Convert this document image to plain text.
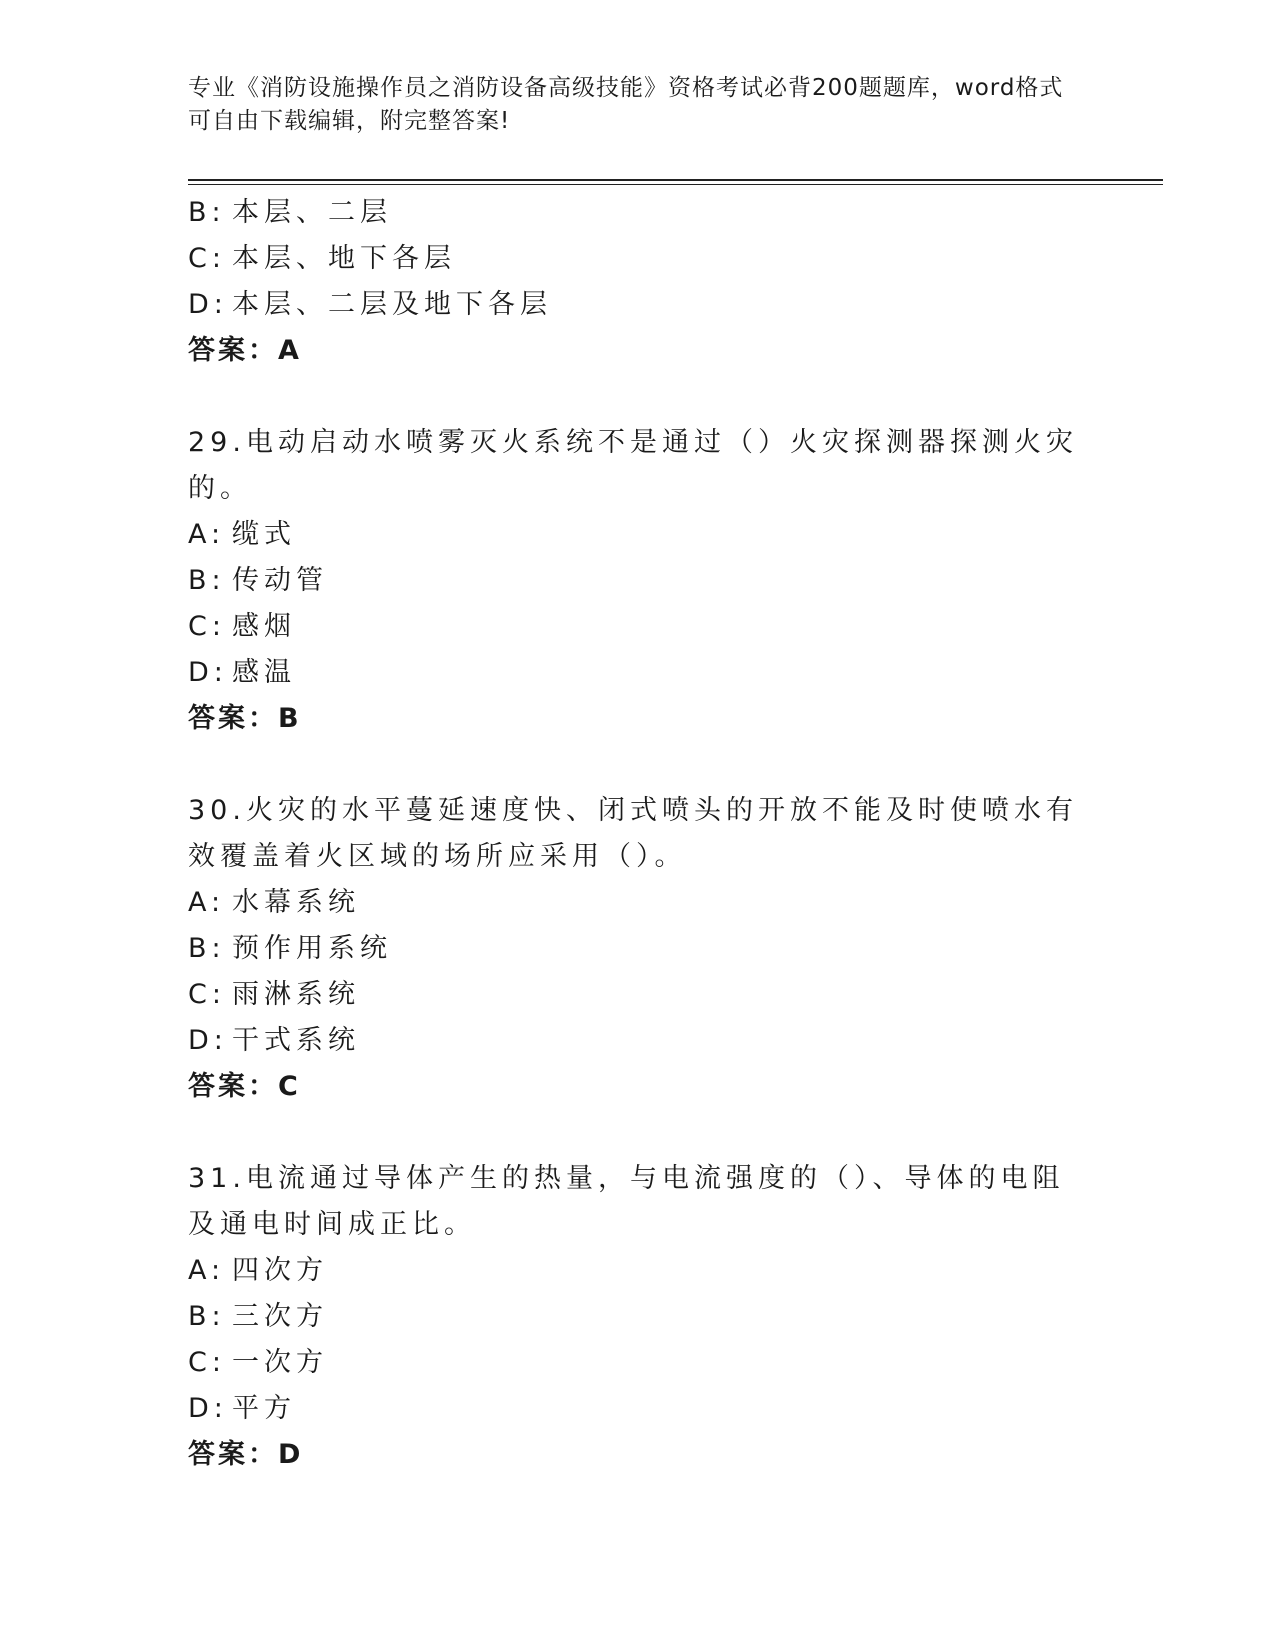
专业《消防设施操作员之消防设备高级技能》资格考试必背200题题库，word格式可自由下载编辑，附完整答案!
B: 本层、二层
C: 本层、地下各层
D: 本层、二层及地下各层
答案：A
29.电动启动水喷雾灭火系统不是通过（）火灾探测器探测火灾的。
A: 缆式
B: 传动管
C: 感烟
D: 感温
答案：B
30.火灾的水平蔓延速度快、闭式喷头的开放不能及时使喷水有效覆盖着火区域的场所应采用（）。
A: 水幕系统
B: 预作用系统
C: 雨淋系统
D: 干式系统
答案：C
31.电流通过导体产生的热量，与电流强度的（）、导体的电阻及通电时间成正比。
A: 四次方
B: 三次方
C: 一次方
D: 平方
答案：D
